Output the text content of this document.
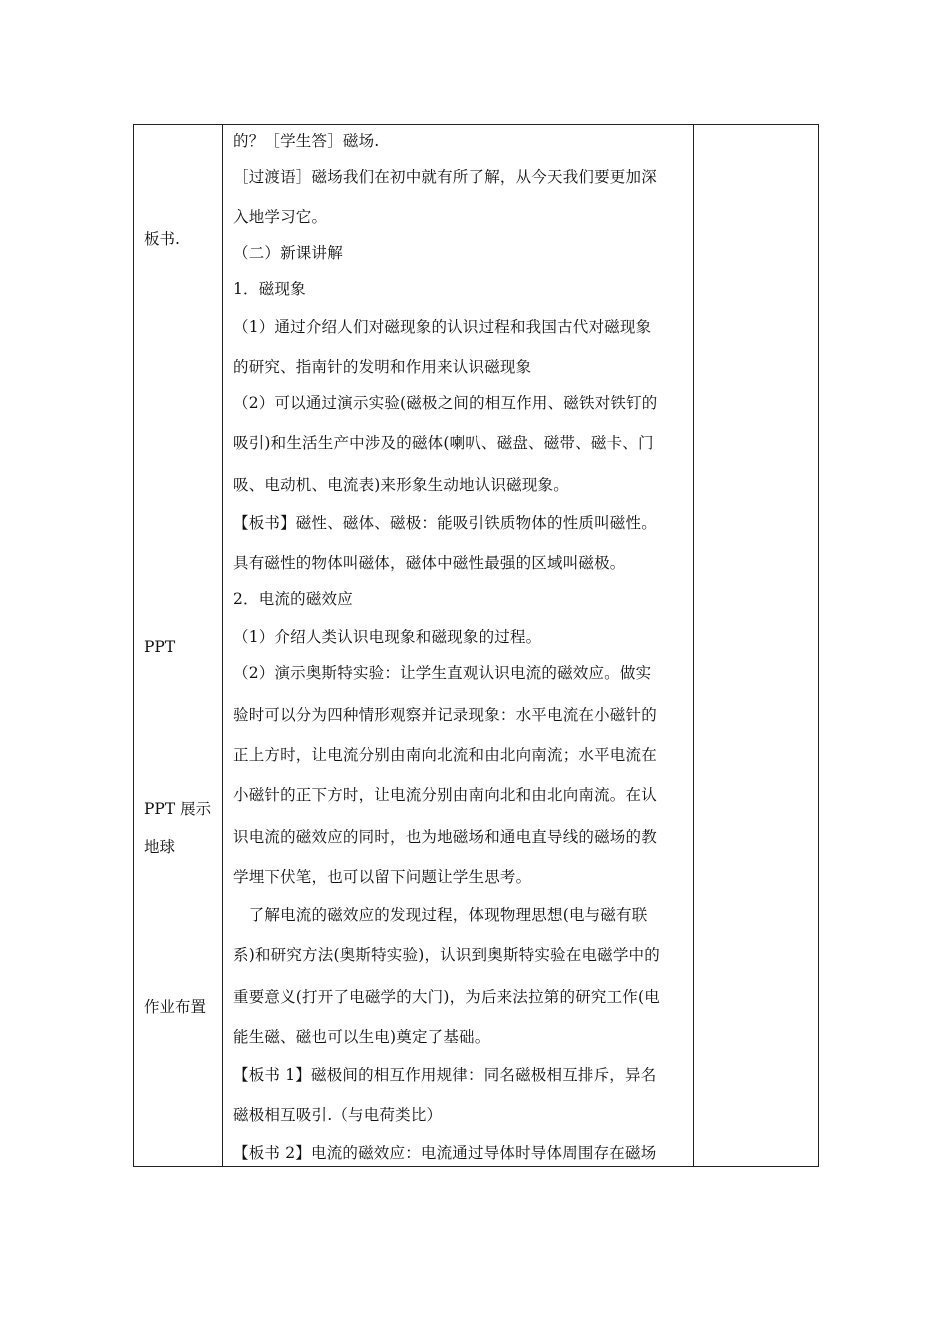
板书.
PPT
PPT 展示
地球
作业布置
的？［学生答］磁场.
［过渡语］磁场我们在初中就有所了解，从今天我们要更加深
入地学习它。
（二）新课讲解
1．磁现象
（1）通过介绍人们对磁现象的认识过程和我国古代对磁现象
的研究、指南针的发明和作用来认识磁现象
（2）可以通过演示实验(磁极之间的相互作用、磁铁对铁钉的
吸引)和生活生产中涉及的磁体(喇叭、磁盘、磁带、磁卡、门
吸、电动机、电流表)来形象生动地认识磁现象。
【板书】磁性、磁体、磁极：能吸引铁质物体的性质叫磁性。
具有磁性的物体叫磁体，磁体中磁性最强的区域叫磁极。
2．电流的磁效应
（1）介绍人类认识电现象和磁现象的过程。
（2）演示奥斯特实验：让学生直观认识电流的磁效应。做实
验时可以分为四种情形观察并记录现象：水平电流在小磁针的
正上方时，让电流分别由南向北流和由北向南流；水平电流在
小磁针的正下方时，让电流分别由南向北和由北向南流。在认
识电流的磁效应的同时，也为地磁场和通电直导线的磁场的教
学埋下伏笔，也可以留下问题让学生思考。
　了解电流的磁效应的发现过程，体现物理思想(电与磁有联
系)和研究方法(奥斯特实验)，认识到奥斯特实验在电磁学中的
重要意义(打开了电磁学的大门)，为后来法拉第的研究工作(电
能生磁、磁也可以生电)奠定了基础。
【板书 1】磁极间的相互作用规律：同名磁极相互排斥，异名
磁极相互吸引.（与电荷类比）
【板书 2】电流的磁效应：电流通过导体时导体周围存在磁场
